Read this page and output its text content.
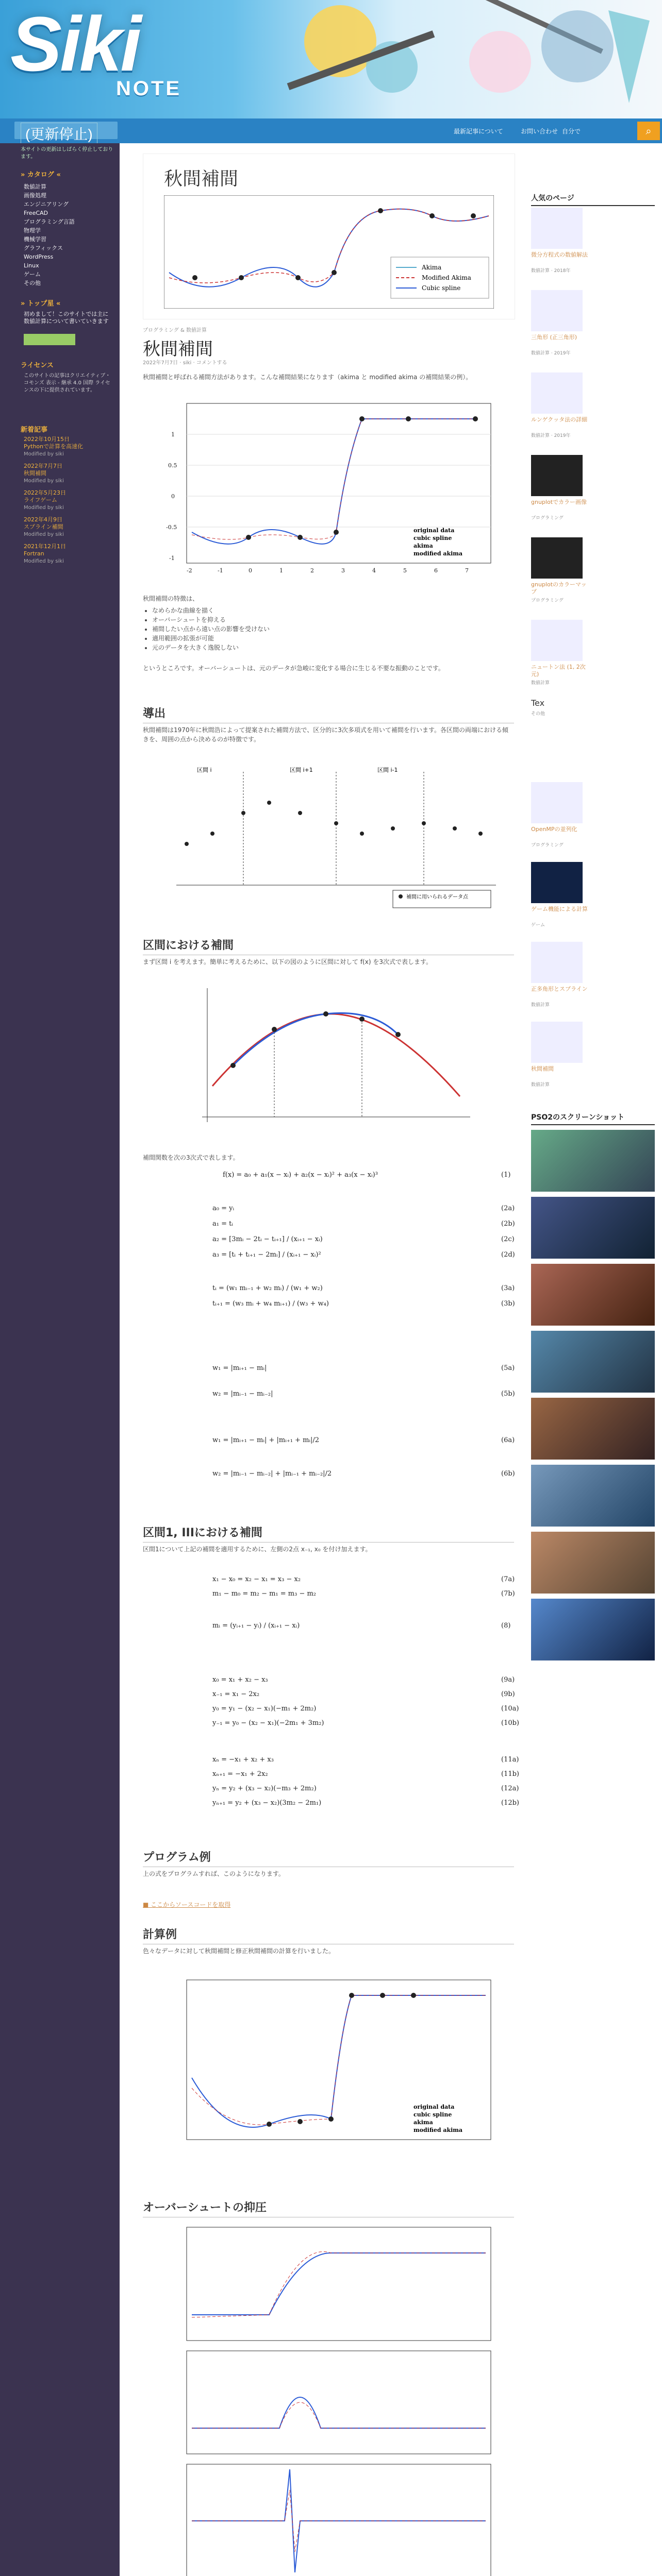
Siki
NOTE
(更新停止)	最新記事について	お問い合わせ 自分で	⌕
本サイトの更新はしばらく停止しております。
» カタログ «
数値計算
画像処理
エンジニアリング
FreeCAD
プログラミング言語
物理学
機械学習
グラフィックス
WordPress
Linux
ゲーム
その他
» トップ星 «
初めまして！このサイトでは主に数値計算について書いていきます
ライセンス
このサイトの記事はクリエイティブ・コモンズ 表示 - 継承 4.0 国際 ライセンスの下に提供されています。
新着記事
2022年10月15日
Pythonで計算を高速化
Modified by siki
2022年7月7日
秋間補間
Modified by siki
2022年5月23日
ライフゲーム
Modified by siki
2022年4月9日
スプライン補間
Modified by siki
2021年12月1日
Fortran
Modified by siki
秋間補間
Akima
Modified Akima
Cubic spline
プログラミング & 数値計算
秋間補間
2022年7月7日 · siki · コメントする
秋間補間と呼ばれる補間方法があります。こんな補間結果になります（akima と modified akima の補間結果の例）。
1
0.5
0
-0.5
-1
-2	-1	0	1	2	3	4	5	6	7
original data
cubic spline
akima
modified akima
秋間補間の特徴は、
• なめらかな曲線を描く
• オーバーシュートを抑える
• 補間したい点から遠い点の影響を受けない
• 適用範囲の拡張が可能
• 元のデータを大きく逸脱しない
というところです。オーバーシュートは、元のデータが急峻に変化する場合に生じる不要な振動のことです。
導出
秋間補間は1970年に秋間浩によって提案された補間方法で、区分的に3次多項式を用いて補間を行います。各区間の両端における傾きを、周囲の点から決めるのが特徴です。
区間 i	区間 i+1	区間 i-1
補間に用いられるデータ点
区間における補間
まず区間 i を考えます。簡単に考えるために、以下の図のように区間に対して f(x) を3次式で表します。
補間関数を次の3次式で表します。
f(x) = a₀ + a₁(x − xᵢ) + a₂(x − xᵢ)² + a₃(x − xᵢ)³	(1)
a₀ = yᵢ	(2a)
a₁ = tᵢ	(2b)
a₂ = [3mᵢ − 2tᵢ − tᵢ₊₁] / (xᵢ₊₁ − xᵢ)	(2c)
a₃ = [tᵢ + tᵢ₊₁ − 2mᵢ] / (xᵢ₊₁ − xᵢ)²	(2d)
tᵢ = (w₁ mᵢ₋₁ + w₂ mᵢ) / (w₁ + w₂)	(3a)
tᵢ₊₁ = (w₃ mᵢ + w₄ mᵢ₊₁) / (w₃ + w₄)	(3b)
w₁ = |mᵢ₊₁ − mᵢ|	(5a)
w₂ = |mᵢ₋₁ − mᵢ₋₂|	(5b)
w₁ = |mᵢ₊₁ − mᵢ| + |mᵢ₊₁ + mᵢ|/2	(6a)
w₂ = |mᵢ₋₁ − mᵢ₋₂| + |mᵢ₋₁ + mᵢ₋₂|/2	(6b)
区間1, IIIにおける補間
区間1について上記の補間を適用するために、左側の2点 x₋₁, x₀ を付け加えます。
x₁ − x₀ = x₂ − x₁ = x₃ − x₂	(7a)
m₁ − m₀ = m₂ − m₁ = m₃ − m₂	(7b)
mᵢ = (yᵢ₊₁ − yᵢ) / (xᵢ₊₁ − xᵢ)	(8)
x₀ = x₁ + x₂ − x₃	(9a)
x₋₁ = x₁ − 2x₂	(9b)
y₀ = y₁ − (x₂ − x₁)(−m₁ + 2m₂)	(10a)
y₋₁ = y₀ − (x₂ − x₁)(−2m₁ + 3m₂)	(10b)
xₙ = −x₁ + x₂ + x₃	(11a)
xₙ₊₁ = −x₁ + 2x₂	(11b)
yₙ = y₂ + (x₃ − x₂)(−m₃ + 2m₂)	(12a)
yₙ₊₁ = y₂ + (x₃ − x₂)(3m₂ − 2m₁)	(12b)
プログラム例
上の式をプログラムすれば、このようになります。
■ ここからソースコードを取得
計算例
色々なデータに対して秋間補間と修正秋間補間の計算を行いました。
original data
cubic spline
akima
modified akima
オーバーシュートの抑圧
人気のページ
微分方程式の数値解法
数値計算 · 2018年
三角形 (正三角形)
数値計算 · 2019年
ルンゲクッタ法の詳細
数値計算 · 2019年
gnuplotでカラー画像
プログラミング
gnuplotのカラーマップ
プログラミング
ニュートン法 (1, 2次元)
数値計算
Tex
その他
OpenMPの並列化
プログラミング
ゲーム機能による計算
ゲーム
正多角形とスプライン
数値計算
秋間補間
数値計算
PSO2のスクリーンショット
